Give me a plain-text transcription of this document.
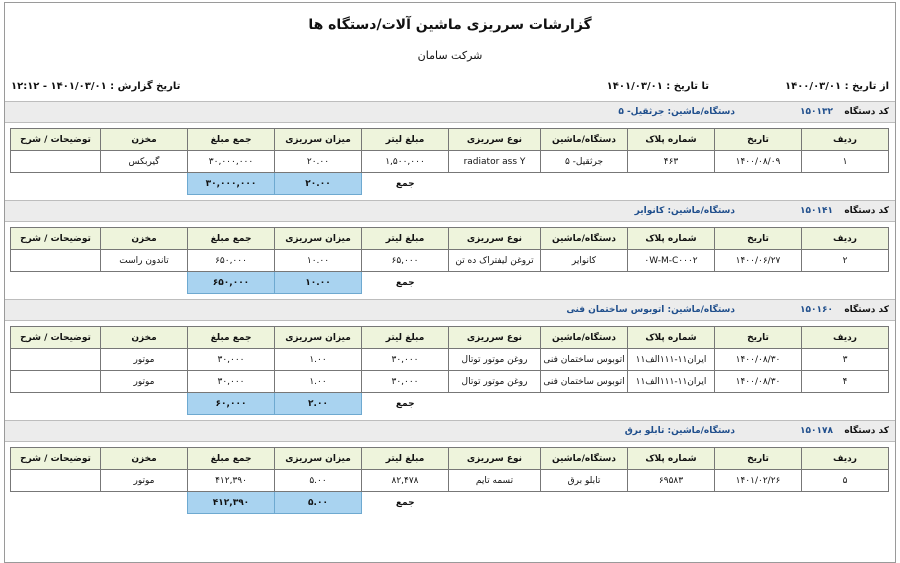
گزارشات سرریزی ماشین آلات/دستگاه ها
شرکت سامان
از تاریخ : ۱۴۰۰/۰۳/۰۱
تا تاریخ : ۱۴۰۱/۰۳/۰۱
تاریخ گزارش : ۱۴۰۱/۰۳/۰۱ - ۱۲:۱۲
کد دستگاه
۱۵۰۱۳۲
دستگاه/ماشین: جرثقیل- ۵
ردیف	تاریخ	شماره پلاک	دستگاه/ماشین	نوع سرریزی	مبلغ لیتر	میزان سرریزی	جمع مبلغ	مخزن	توضیحات / شرح
۱	۱۴۰۰/۰۸/۰۹	۴۶۳	جرثقیل- ۵	radiator ass Y	۱,۵۰۰,۰۰۰	۲۰.۰۰	۳۰,۰۰۰,۰۰۰	گیربکس	
					جمع	۲۰.۰۰	۳۰,۰۰۰,۰۰۰		
کد دستگاه
۱۵۰۱۴۱
دستگاه/ماشین: کانوایر
ردیف	تاریخ	شماره پلاک	دستگاه/ماشین	نوع سرریزی	مبلغ لیتر	میزان سرریزی	جمع مبلغ	مخزن	توضیحات / شرح
۲	۱۴۰۰/۰۶/۲۷	۰W-M-C۰۰۰۲	کانوایر	تروغن لیفتراک ده تن	۶۵,۰۰۰	۱۰.۰۰	۶۵۰,۰۰۰	تاندون راست	
					جمع	۱۰.۰۰	۶۵۰,۰۰۰		
کد دستگاه
۱۵۰۱۶۰
دستگاه/ماشین: اتوبوس ساختمان فنی
ردیف	تاریخ	شماره پلاک	دستگاه/ماشین	نوع سرریزی	مبلغ لیتر	میزان سرریزی	جمع مبلغ	مخزن	توضیحات / شرح
۳	۱۴۰۰/۰۸/۳۰	ایران۱۱-۱۱۱الف۱۱	اتوبوس ساختمان فنی	روغن موتور توتال	۳۰,۰۰۰	۱.۰۰	۳۰,۰۰۰	موتور	
۴	۱۴۰۰/۰۸/۳۰	ایران۱۱-۱۱۱الف۱۱	اتوبوس ساختمان فنی	روغن موتور توتال	۳۰,۰۰۰	۱.۰۰	۳۰,۰۰۰	موتور	
					جمع	۲.۰۰	۶۰,۰۰۰		
کد دستگاه
۱۵۰۱۷۸
دستگاه/ماشین: تابلو برق
ردیف	تاریخ	شماره پلاک	دستگاه/ماشین	نوع سرریزی	مبلغ لیتر	میزان سرریزی	جمع مبلغ	مخزن	توضیحات / شرح
۵	۱۴۰۱/۰۲/۲۶	۶۹۵۸۳	تابلو برق	تسمه تایم	۸۲,۴۷۸	۵.۰۰	۴۱۲,۳۹۰	موتور	
					جمع	۵.۰۰	۴۱۲,۳۹۰		
